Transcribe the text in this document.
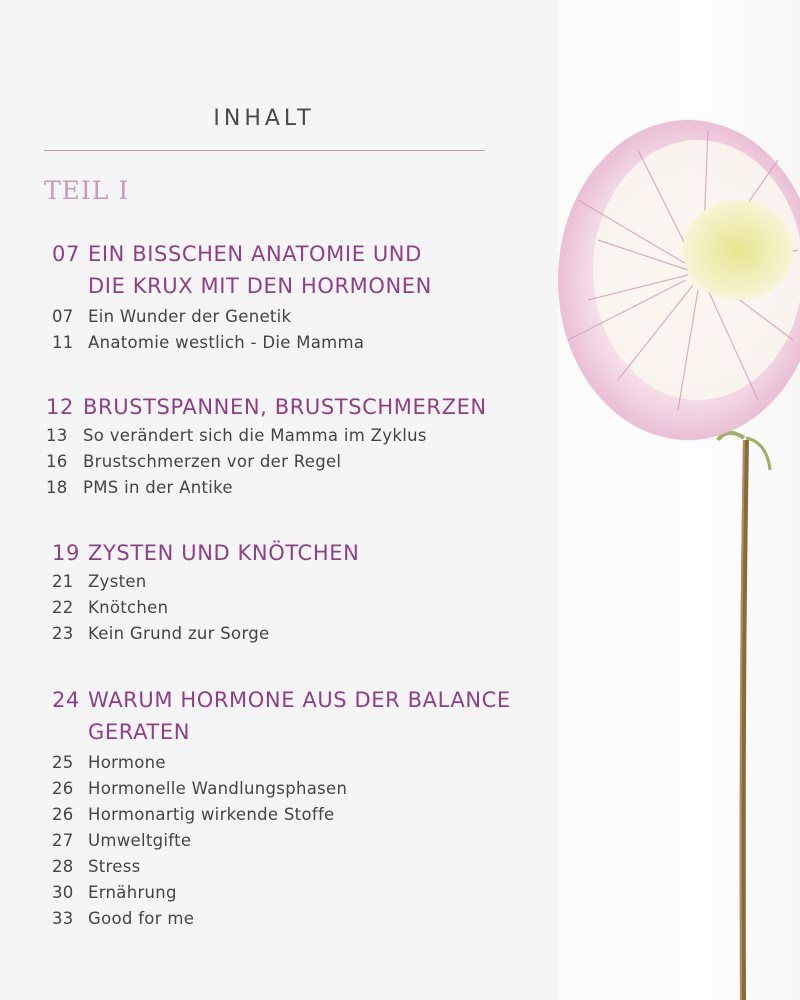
INHALT
TEIL I
07 EIN BISSCHEN ANATOMIE UND
DIE KRUX MIT DEN HORMONEN
07 Ein Wunder der Genetik
11 Anatomie westlich - Die Mamma
12 BRUSTSPANNEN, BRUSTSCHMERZEN
13 So verändert sich die Mamma im Zyklus
16 Brustschmerzen vor der Regel
18 PMS in der Antike
19 ZYSTEN UND KNÖTCHEN
21 Zysten
22 Knötchen
23 Kein Grund zur Sorge
24 WARUM HORMONE AUS DER BALANCE
GERATEN
25 Hormone
26 Hormonelle Wandlungsphasen
26 Hormonartig wirkende Stoffe
27 Umweltgifte
28 Stress
30 Ernährung
33 Good for me
